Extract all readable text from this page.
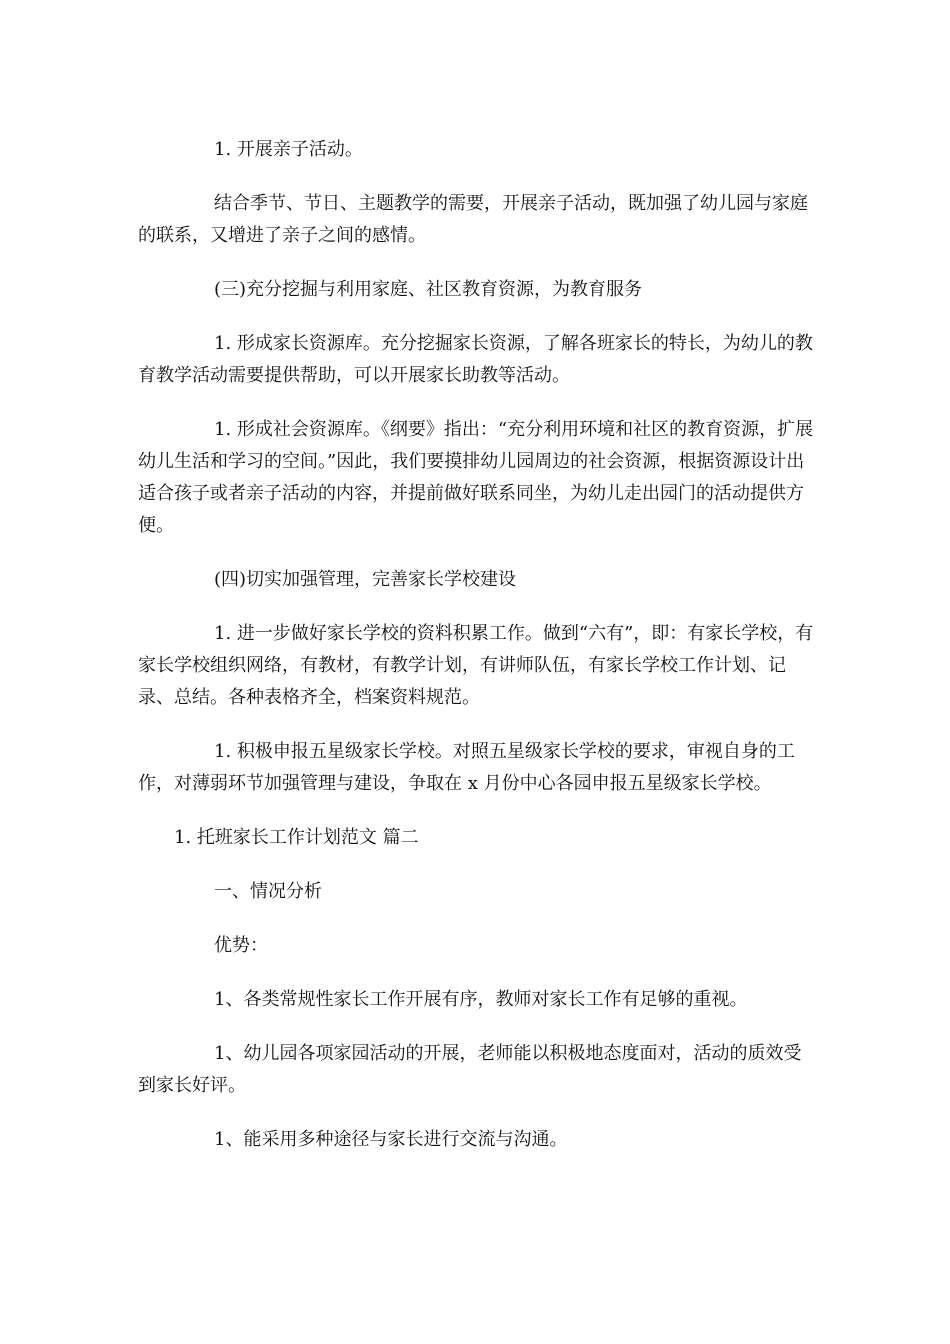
1. 开展亲子活动。

结合季节、节日、主题教学的需要，开展亲子活动，既加强了幼儿园与家庭的联系，又增进了亲子之间的感情。

(三)充分挖掘与利用家庭、社区教育资源，为教育服务

1. 形成家长资源库。充分挖掘家长资源，了解各班家长的特长，为幼儿的教育教学活动需要提供帮助，可以开展家长助教等活动。

1. 形成社会资源库。《纲要》指出：“充分利用环境和社区的教育资源，扩展幼儿生活和学习的空间。”因此，我们要摸排幼儿园周边的社会资源，根据资源设计出适合孩子或者亲子活动的内容，并提前做好联系同坐，为幼儿走出园门的活动提供方便。

(四)切实加强管理，完善家长学校建设

1. 进一步做好家长学校的资料积累工作。做到“六有”，即：有家长学校，有家长学校组织网络，有教材，有教学计划，有讲师队伍，有家长学校工作计划、记录、总结。各种表格齐全，档案资料规范。

1. 积极申报五星级家长学校。对照五星级家长学校的要求，审视自身的工作，对薄弱环节加强管理与建设，争取在 x 月份中心各园申报五星级家长学校。

1. 托班家长工作计划范文 篇二

一、情况分析

优势：

1、各类常规性家长工作开展有序，教师对家长工作有足够的重视。

1、幼儿园各项家园活动的开展，老师能以积极地态度面对，活动的质效受到家长好评。

1、能采用多种途径与家长进行交流与沟通。
